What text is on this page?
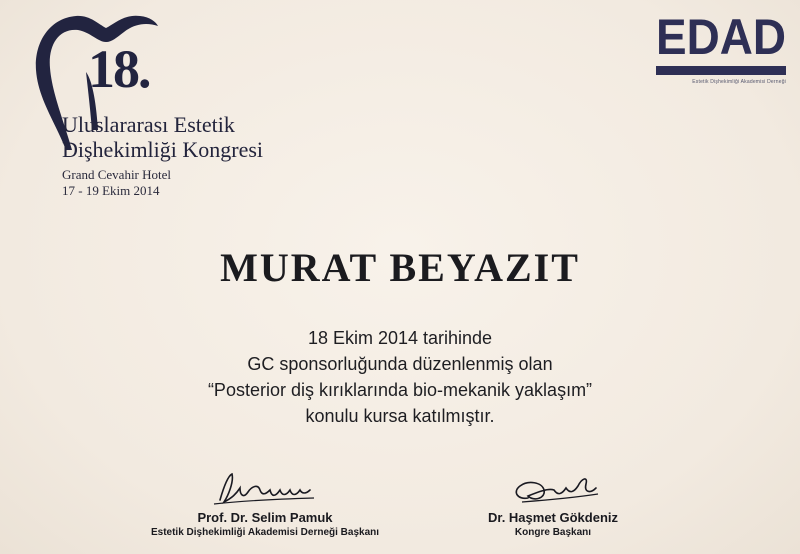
18.
Uluslararası Estetik
Dişhekimliği Kongresi
Grand Cevahir Hotel
17 - 19 Ekim 2014
EDAD
Estetik Dişhekimliği Akademisi Derneği
MURAT BEYAZIT
18 Ekim 2014 tarihinde
GC sponsorluğunda düzenlenmiş olan
“Posterior diş kırıklarında bio-mekanik yaklaşım”
konulu kursa katılmıştır.
Prof. Dr. Selim Pamuk
Estetik Dişhekimliği Akademisi Derneği Başkanı
Dr. Haşmet Gökdeniz
Kongre Başkanı
